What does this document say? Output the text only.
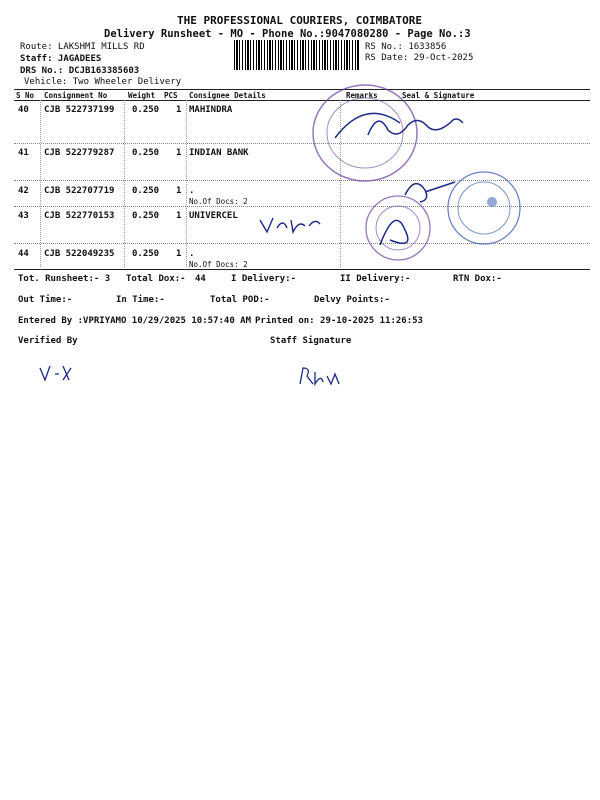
THE PROFESSIONAL COURIERS, COIMBATORE
Delivery Runsheet - MO - Phone No.:9047080280 - Page No.:3
Route: LAKSHMI MILLS RD
Staff: JAGADEES
DRS No.: DCJB163385603
Vehicle: Two Wheeler Delivery
RS No.: 1633856
RS Date: 29-Oct-2025
S No Consignment No	Weight PCS Consignee Details	Remarks	Seal & Signature
40 CJB 522737199 0.250 1 MAHINDRA
41 CJB 522779287 0.250 1 INDIAN BANK
42 CJB 522707719 0.250 1 .
No.Of Docs: 2
43 CJB 522770153 0.250 1 UNIVERCEL
44 CJB 522049235 0.250 1 .
No.Of Docs: 2
Tot. Runsheet:- 3 Total Dox:- 44	I Delivery:-	II Delivery:-	RTN Dox:-
Out Time:-	In Time:-	Total POD:-	Delvy Points:-
Entered By :VPRIYAMO 10/29/2025 10:57:40 AM Printed on: 29-10-2025 11:26:53
Verified By	Staff Signature
